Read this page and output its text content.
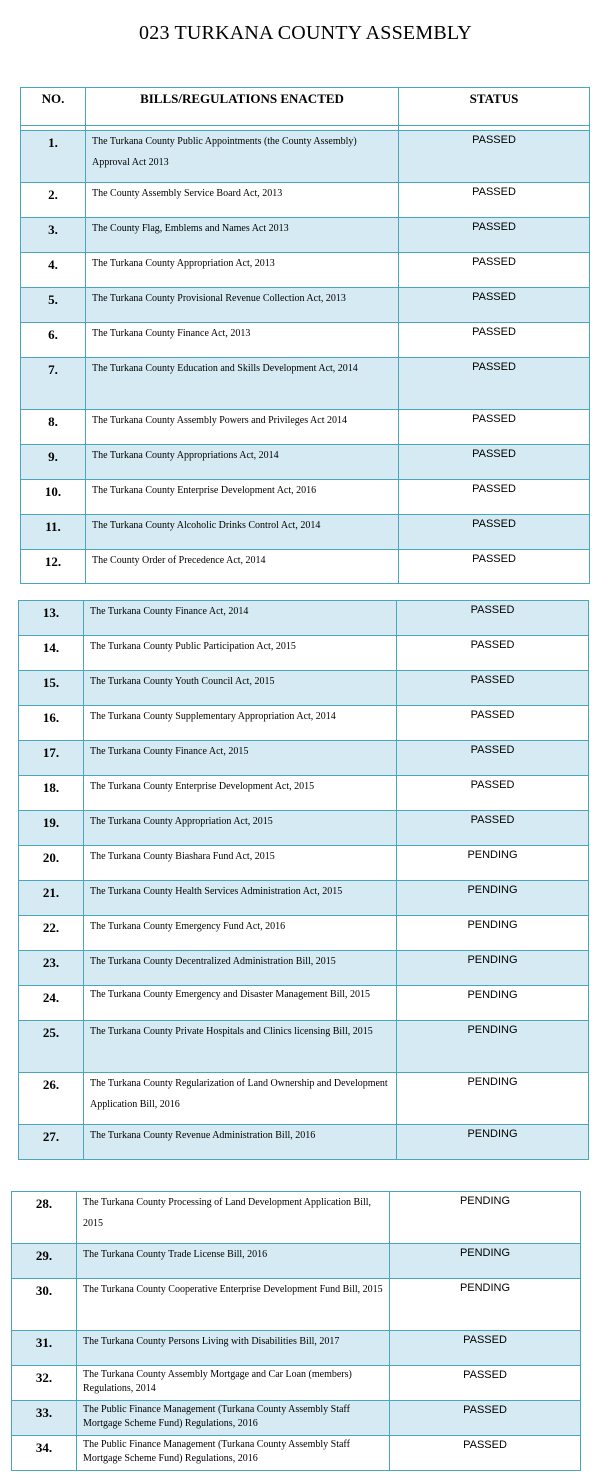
023 TURKANA COUNTY ASSEMBLY
NO.	BILLS/REGULATIONS ENACTED	STATUS

1.	The Turkana County Public Appointments (the County Assembly) Approval Act 2013	PASSED
2.	The County Assembly Service Board Act, 2013	PASSED
3.	The County Flag, Emblems and Names Act 2013	PASSED
4.	The Turkana County Appropriation Act, 2013	PASSED
5.	The Turkana County Provisional Revenue Collection Act, 2013	PASSED
6.	The Turkana County Finance Act, 2013	PASSED
7.	The Turkana County Education and Skills Development Act, 2014	PASSED
8.	The Turkana County Assembly Powers and Privileges Act 2014	PASSED
9.	The Turkana County Appropriations Act, 2014	PASSED
10.	The Turkana County Enterprise Development Act, 2016	PASSED
11.	The Turkana County Alcoholic Drinks Control Act, 2014	PASSED
12.	The County Order of Precedence Act, 2014	PASSED
13.	The Turkana County Finance Act, 2014	PASSED
14.	The Turkana County Public Participation Act, 2015	PASSED
15.	The Turkana County Youth Council Act, 2015	PASSED
16.	The Turkana County Supplementary Appropriation Act, 2014	PASSED
17.	The Turkana County Finance Act, 2015	PASSED
18.	The Turkana County Enterprise Development Act, 2015	PASSED
19.	The Turkana County Appropriation Act, 2015	PASSED
20.	The Turkana County Biashara Fund Act, 2015	PENDING
21.	The Turkana County Health Services Administration Act, 2015	PENDING
22.	The Turkana County Emergency Fund Act, 2016	PENDING
23.	The Turkana County Decentralized Administration Bill, 2015	PENDING
24.	The Turkana County Emergency and Disaster Management Bill, 2015	PENDING
25.	The Turkana County Private Hospitals and Clinics licensing Bill, 2015	PENDING
26.	The Turkana County Regularization of Land Ownership and Development Application Bill, 2016	PENDING
27.	The Turkana County Revenue Administration Bill, 2016	PENDING
28.	The Turkana County Processing of Land Development Application Bill, 2015	PENDING
29.	The Turkana County Trade License Bill, 2016	PENDING
30.	The Turkana County Cooperative Enterprise Development Fund Bill, 2015	PENDING
31.	The Turkana County Persons Living with Disabilities Bill, 2017	PASSED
32.	The Turkana County Assembly Mortgage and Car Loan (members) Regulations, 2014	PASSED
33.	The Public Finance Management (Turkana County Assembly Staff Mortgage Scheme Fund) Regulations, 2016	PASSED
34.	The Public Finance Management (Turkana County Assembly Staff Mortgage Scheme Fund) Regulations, 2016	PASSED
